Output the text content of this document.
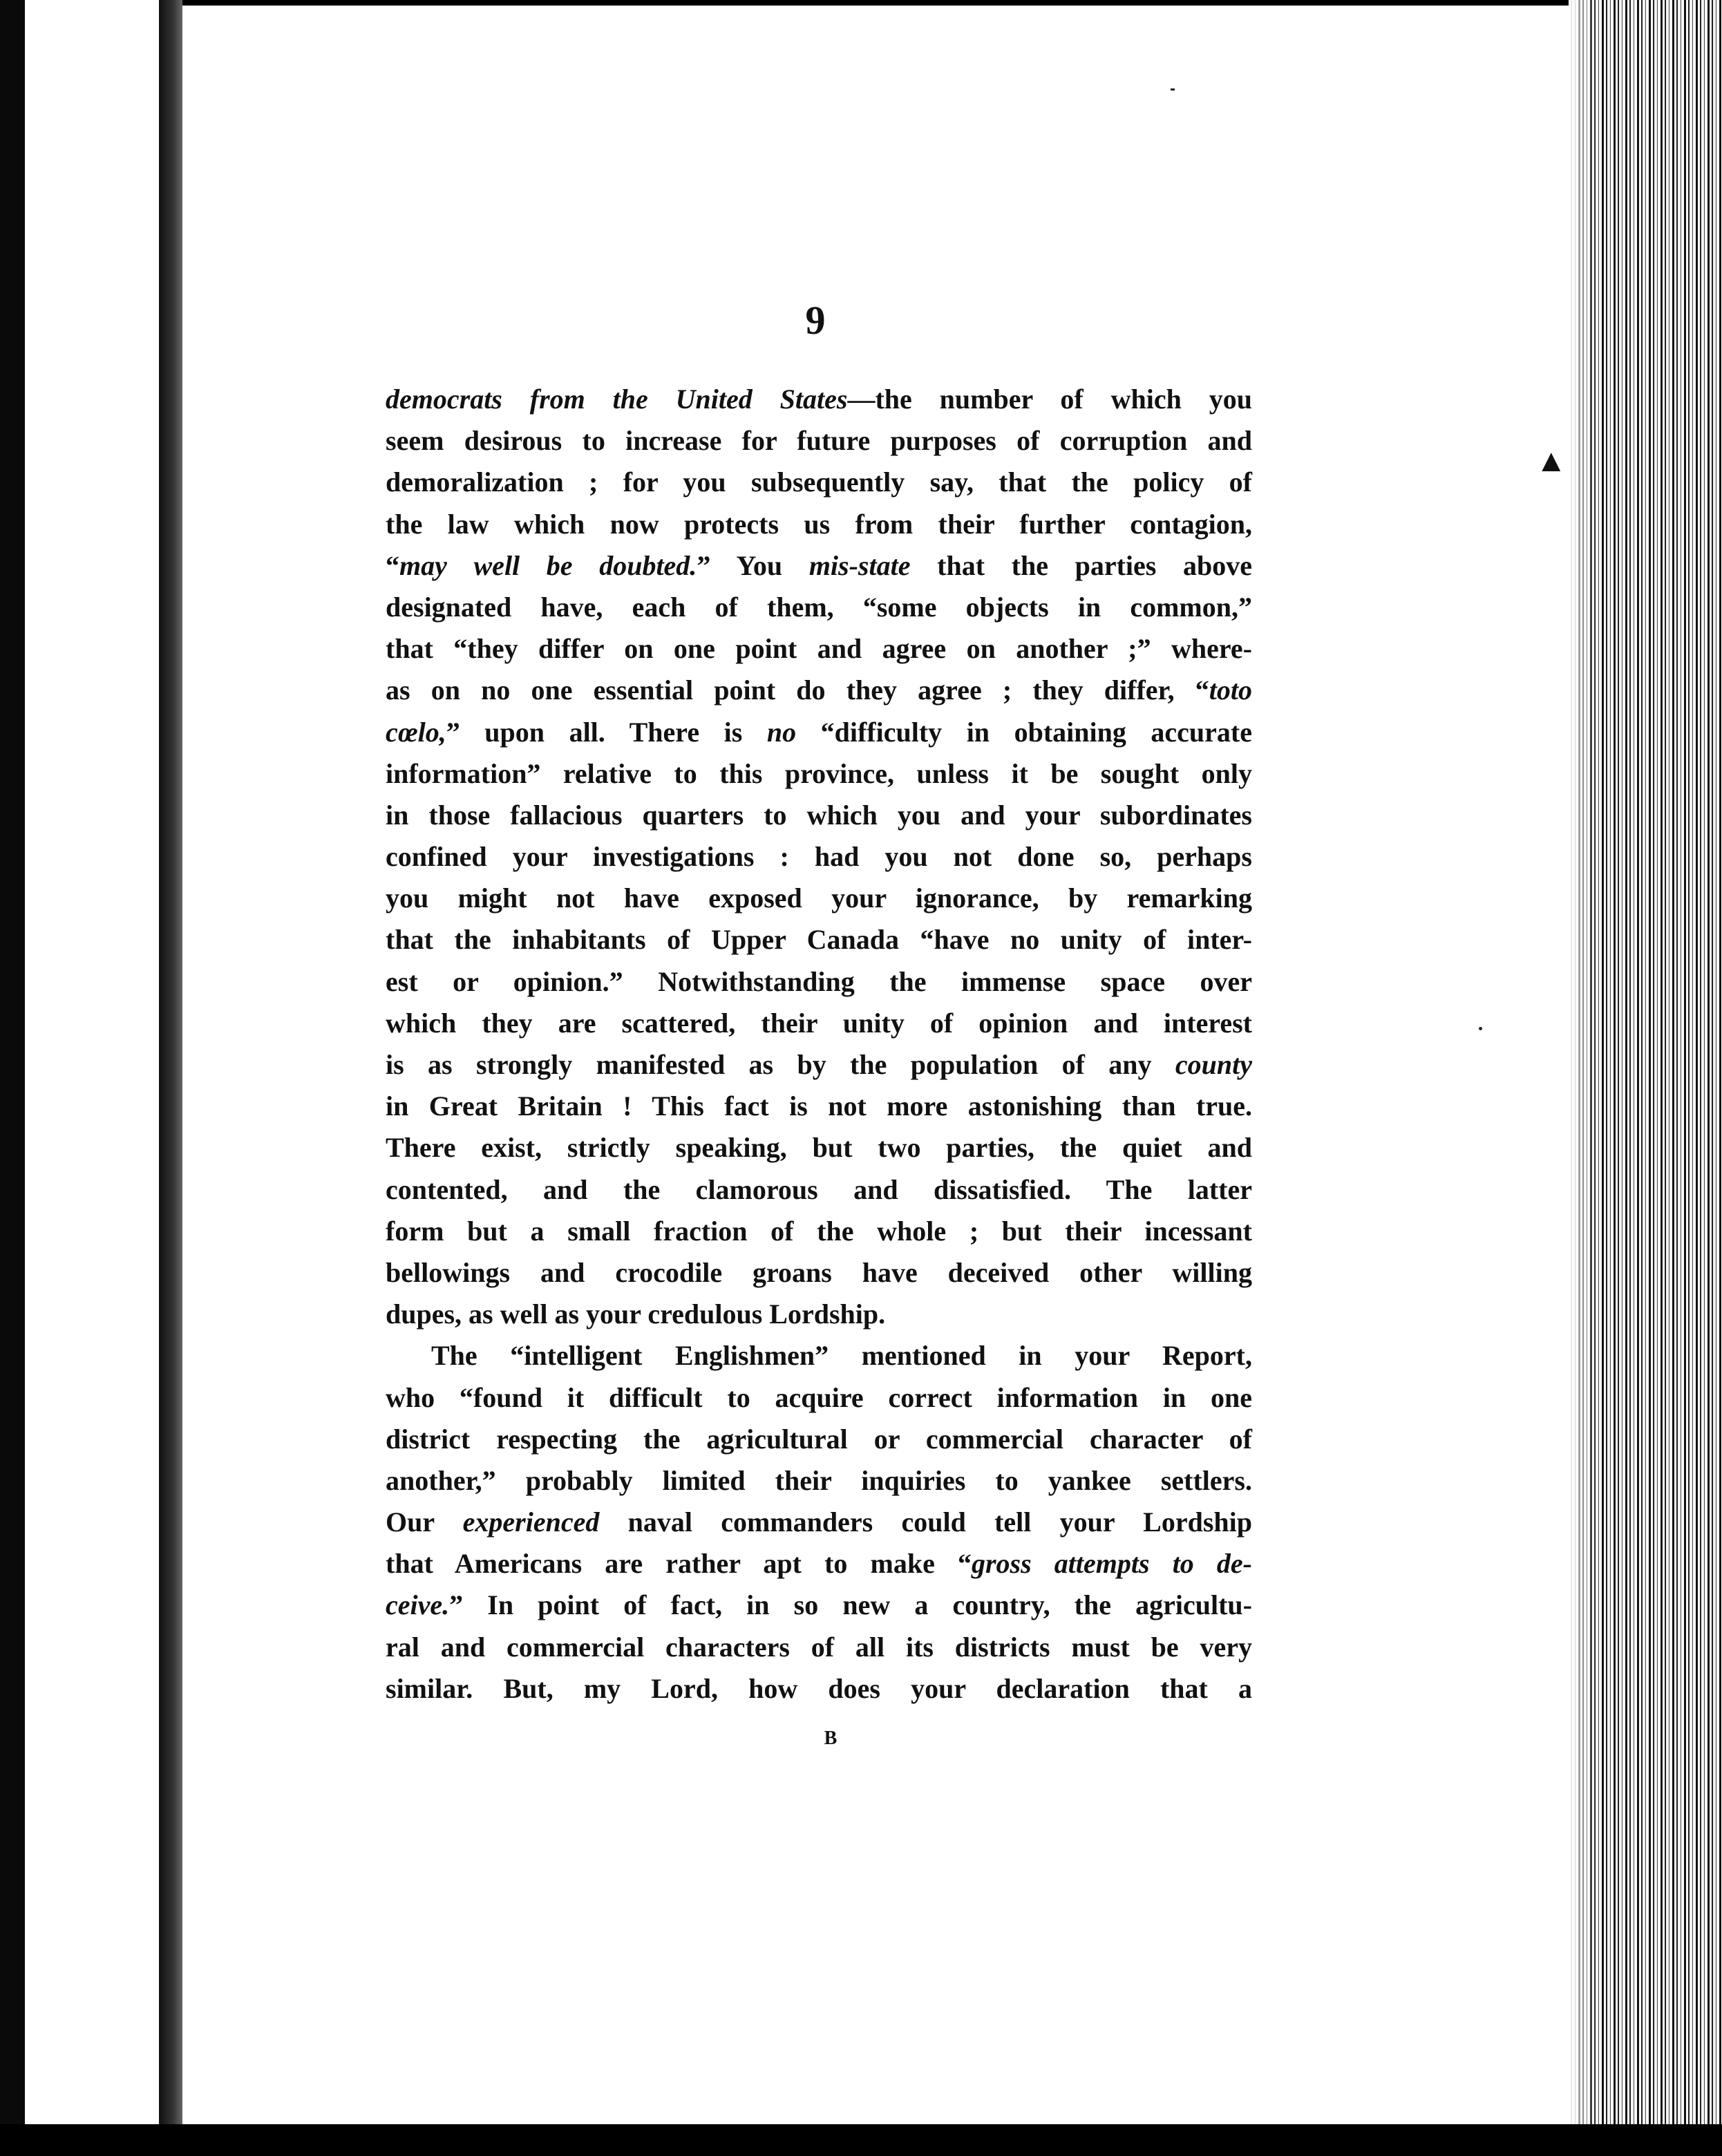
▲
9
democrats from the United States—the number of which you
seem desirous to increase for future purposes of corruption and
demoralization ; for you subsequently say, that the policy of
the law which now protects us from their further contagion,
“may well be doubted.” You mis-state that the parties above
designated have, each of them, “some objects in common,”
that “they differ on one point and agree on another ;” where-
as on no one essential point do they agree ; they differ, “toto
cœlo,” upon all. There is no “difficulty in obtaining accurate
information” relative to this province, unless it be sought only
in those fallacious quarters to which you and your subordinates
confined your investigations : had you not done so, perhaps
you might not have exposed your ignorance, by remarking
that the inhabitants of Upper Canada “have no unity of inter-
est or opinion.” Notwithstanding the immense space over
which they are scattered, their unity of opinion and interest
is as strongly manifested as by the population of any county
in Great Britain ! This fact is not more astonishing than true.
There exist, strictly speaking, but two parties, the quiet and
contented, and the clamorous and dissatisfied. The latter
form but a small fraction of the whole ; but their incessant
bellowings and crocodile groans have deceived other willing
dupes, as well as your credulous Lordship.
The “intelligent Englishmen” mentioned in your Report,
who “found it difficult to acquire correct information in one
district respecting the agricultural or commercial character of
another,” probably limited their inquiries to yankee settlers.
Our experienced naval commanders could tell your Lordship
that Americans are rather apt to make “gross attempts to de-
ceive.” In point of fact, in so new a country, the agricultu-
ral and commercial characters of all its districts must be very
similar. But, my Lord, how does your declaration that a
B
